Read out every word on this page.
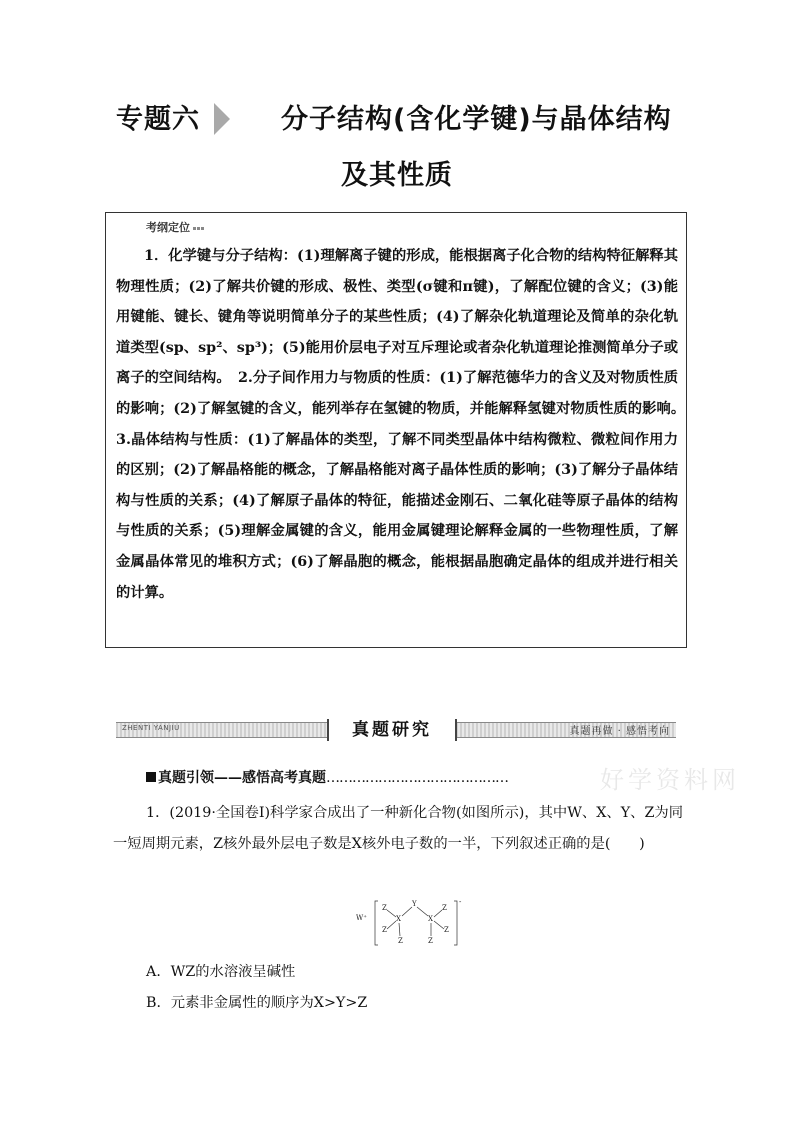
专题六	分子结构(含化学键)与晶体结构
及其性质
考纲定位
1．化学键与分子结构：(1)理解离子键的形成，能根据离子化合物的结构特征解释其物理性质；(2)了解共价键的形成、极性、类型(σ键和π键)，了解配位键的含义；(3)能用键能、键长、键角等说明简单分子的某些性质；(4)了解杂化轨道理论及简单的杂化轨道类型(sp、sp²、sp³)；(5)能用价层电子对互斥理论或者杂化轨道理论推测简单分子或离子的空间结构。　2.分子间作用力与物质的性质：(1)了解范德华力的含义及对物质性质的影响；(2)了解氢键的含义，能列举存在氢键的物质，并能解释氢键对物质性质的影响。　3.晶体结构与性质：(1)了解晶体的类型，了解不同类型晶体中结构微粒、微粒间作用力的区别；(2)了解晶格能的概念，了解晶格能对离子晶体性质的影响；(3)了解分子晶体结构与性质的关系；(4)了解原子晶体的特征，能描述金刚石、二氧化硅等原子晶体的结构与性质的关系；(5)理解金属键的含义，能用金属键理论解释金属的一些物理性质，了解金属晶体常见的堆积方式；(6)了解晶胞的概念，能根据晶胞确定晶体的组成并进行相关的计算。
ZHENTI YANJIU	真题研究	真题再做 · 感悟考向
好学资料网
真题引领——感悟高考真题……………………………………
1．(2019·全国卷Ⅰ)科学家合成出了一种新化合物(如图所示)，其中W、X、Y、Z为同一短周期元素，Z核外最外层电子数是X核外电子数的一半，下列叙述正确的是(　　)
W⁺
Z
Z
X
Z
Y
X
Z
Z
Z
-
A．WZ的水溶液呈碱性
B．元素非金属性的顺序为X>Y>Z
